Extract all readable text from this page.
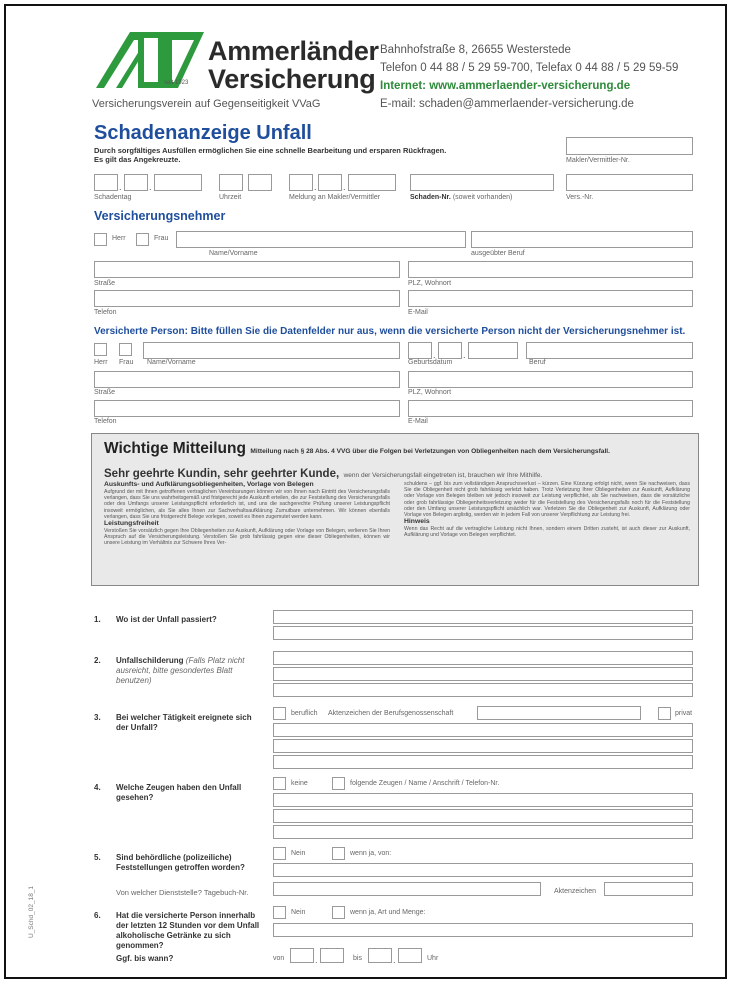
seit 1923
Ammerländer
Versicherung
Versicherungsverein auf Gegenseitigkeit VVaG
Bahnhofstraße 8, 26655 Westerstede
Telefon 0 44 88 / 5 29 59-700, Telefax 0 44 88 / 5 29 59-59
Internet: www.ammerlaender-versicherung.de
E-mail: schaden@ammerlaender-versicherung.de
Schadenanzeige Unfall
Durch sorgfältiges Ausfüllen ermöglichen Sie eine schnelle Bearbeitung und ersparen Rückfragen.
Es gilt das Angekreuzte.	Makler/Vermittler-Nr.
.	.
Schadentag	Uhrzeit
.	.
Meldung an Makler/Vermittler	Schaden-Nr. (soweit vorhanden)	Vers.-Nr.
Versicherungsnehmer
Herr	Frau
Name/Vorname	ausgeübter Beruf
Straße	PLZ, Wohnort
Telefon	E-Mail
Versicherte Person: Bitte füllen Sie die Datenfelder nur aus, wenn die versicherte Person nicht der Versicherungsnehmer ist.
Herr Frau Name/Vorname
.	.
Geburtsdatum	Beruf
Straße	PLZ, Wohnort
Telefon	E-Mail
Wichtige Mitteilung Mitteilung nach § 28 Abs. 4 VVG über die Folgen bei Verletzungen von Obliegenheiten nach dem Versicherungsfall.
Sehr geehrte Kundin, sehr geehrter Kunde, wenn der Versicherungsfall eingetreten ist, brauchen wir Ihre Mithilfe.
Auskunfts- und Aufklärungsobliegenheiten, Vorlage von Belegen
Aufgrund der mit Ihnen getroffenen vertraglichen Vereinbarungen können wir von Ihnen nach Eintritt des Versicherungsfalls verlangen, dass Sie uns wahrheitsgemäß und fristgerecht jede Auskunft erteilen, die zur Feststellung des Versicherungsfalls oder des Umfangs unserer Leistungspflicht erforderlich ist, und uns die sachgerechte Prüfung unserer Leistungspflicht insoweit ermöglichen, als Sie alles Ihnen zur Sachverhaltsaufklärung Zumutbare unternehmen. Wir können ebenfalls verlangen, dass Sie uns fristgerecht Belege vorlegen, soweit es Ihnen zugemutet werden kann.
Leistungsfreiheit
Verstoßen Sie vorsätzlich gegen Ihre Obliegenheiten zur Auskunft, Aufklärung oder Vorlage von Belegen, verlieren Sie Ihren Anspruch auf die Versicherungsleistung. Verstoßen Sie grob fahrlässig gegen eine dieser Obliegenheiten, können wir unsere Leistung im Verhältnis zur Schwere Ihres Ver-
schuldens – ggf. bis zum vollständigen Anspruchsverlust – kürzen. Eine Kürzung erfolgt nicht, wenn Sie nachweisen, dass Sie die Obliegenheit nicht grob fahrlässig verletzt haben. Trotz Verletzung Ihrer Obliegenheiten zur Auskunft, Aufklärung oder Vorlage von Belegen bleiben wir jedoch insoweit zur Leistung verpflichtet, als Sie nachweisen, dass die vorsätzliche oder grob fahrlässige Obliegenheitsverletzung weder für die Feststellung des Versicherungsfalls noch für die Feststellung oder den Umfang unserer Leistungspflicht ursächlich war. Verletzen Sie die Obliegenheit zur Auskunft, Aufklärung oder Vorlage von Belegen arglistig, werden wir in jedem Fall von unserer Verpflichtung zur Leistung frei.
Hinweis
Wenn das Recht auf die vertragliche Leistung nicht Ihnen, sondern einem Dritten zusteht, ist auch dieser zur Auskunft, Aufklärung und Vorlage von Belegen verpflichtet.
1. Wo ist der Unfall passiert?
2. Unfallschilderung (Falls Platz nicht ausreicht, bitte gesondertes Blatt benutzen)
3. Bei welcher Tätigkeit ereignete sich der Unfall?
beruflich Aktenzeichen der Berufsgenossenschaft	privat
4. Welche Zeugen haben den Unfall gesehen?
keine	folgende Zeugen / Name / Anschrift / Telefon-Nr.
5. Sind behördliche (polizeiliche) Feststellungen getroffen worden?
Nein	wenn ja, von:
Von welcher Dienststelle? Tagebuch-Nr.	Aktenzeichen
6. Hat die versicherte Person innerhalb der letzten 12 Stunden vor dem Unfall alkoholische Getränke zu sich genommen?
Ggf. bis wann?
Nein	wenn ja, Art und Menge:
von	.	bis	.	Uhr
U_Schd_02_18_1
